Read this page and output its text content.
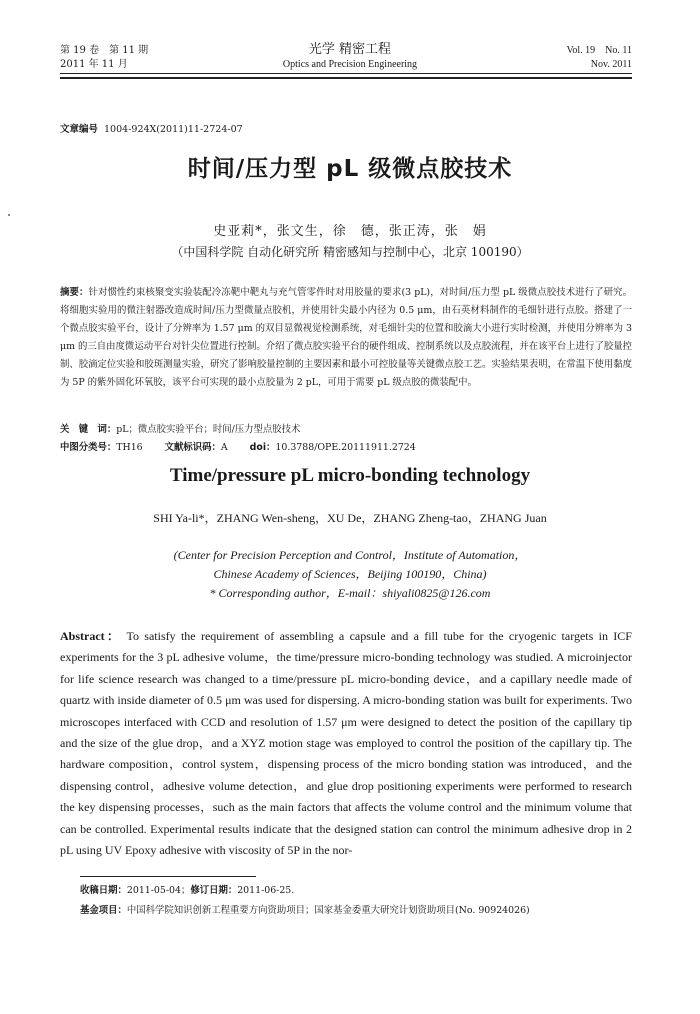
第 19 卷　第 11 期
2011 年 11 月
光学 精密工程
Optics and Precision Engineering
Vol. 19　No. 11
Nov. 2011
文章编号 1004-924X(2011)11-2724-07
时间/压力型 pL 级微点胶技术
史亚莉*，张文生，徐　德，张正涛，张　娟
（中国科学院 自动化研究所 精密感知与控制中心，北京 100190）
摘要：针对惯性约束核聚变实验装配冷冻靶中靶丸与充气管零件时对用胶量的要求(3 pL)，对时间/压力型 pL 级微点胶技术进行了研究。将细胞实验用的微注射器改造成时间/压力型微量点胶机，并使用针尖最小内径为 0.5 μm，由石英材料制作的毛细针进行点胶。搭建了一个微点胶实验平台，设计了分辨率为 1.57 μm 的双目显微视觉检测系统，对毛细针尖的位置和胶滴大小进行实时检测，并使用分辨率为 3 μm 的三自由度微运动平台对针尖位置进行控制。介绍了微点胶实验平台的硬件组成、控制系统以及点胶流程，并在该平台上进行了胶量控制、胶滴定位实验和胶斑测量实验，研究了影响胶量控制的主要因素和最小可控胶量等关键微点胶工艺。实验结果表明，在常温下使用黏度为 5P 的紫外固化环氧胶，该平台可实现的最小点胶量为 2 pL，可用于需要 pL 级点胶的微装配中。
关　键　词：pL；微点胶实验平台；时间/压力型点胶技术
中图分类号：TH16 文献标识码：A doi：10.3788/OPE.20111911.2724
Time/pressure pL micro-bonding technology
SHI Ya-li*，ZHANG Wen-sheng，XU De，ZHANG Zheng-tao，ZHANG Juan
(Center for Precision Perception and Control，Institute of Automation，
Chinese Academy of Sciences，Beijing 100190，China)
* Corresponding author，E-mail：shiyali0825@126.com
Abstract： To satisfy the requirement of assembling a capsule and a fill tube for the cryogenic targets in ICF experiments for the 3 pL adhesive volume，the time/pressure micro-bonding technology was studied. A microinjector for life science research was changed to a time/pressure pL micro-bonding device，and a capillary needle made of quartz with inside diameter of 0.5 μm was used for dispersing. A micro-bonding station was built for experiments. Two microscopes interfaced with CCD and resolution of 1.57 μm were designed to detect the position of the capillary tip and the size of the glue drop，and a XYZ motion stage was employed to control the position of the capillary tip. The hardware composition，control system，dispensing process of the micro bonding station was introduced，and the dispensing control，adhesive volume detection，and glue drop positioning experiments were performed to research the key dispensing processes，such as the main factors that affects the volume control and the minimum volume that can be controlled. Experimental results indicate that the designed station can control the minimum adhesive drop in 2 pL using UV Epoxy adhesive with viscosity of 5P in the nor-
收稿日期：2011-05-04；修订日期：2011-06-25.
基金项目：中国科学院知识创新工程重要方向资助项目；国家基金委重大研究计划资助项目(No. 90924026)
